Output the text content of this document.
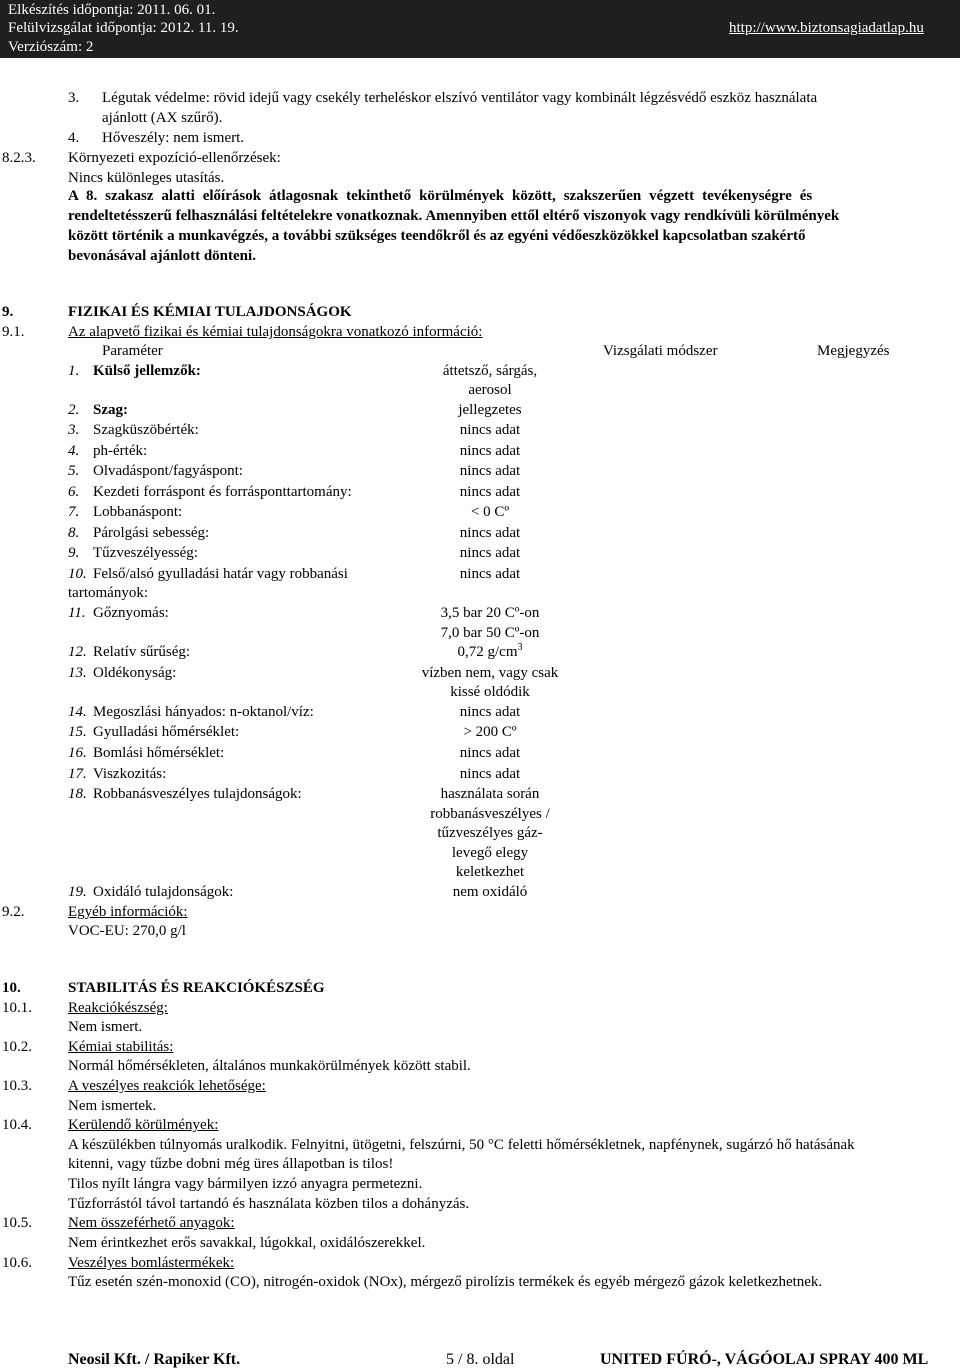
Elkészítés időpontja: 2011. 06. 01.
Felülvizsgálat időpontja: 2012. 11. 19.
Verziószám: 2
http://www.biztonsagiadatlap.hu
3. Légutak védelme: rövid idejű vagy csekély terheléskor elszívó ventilátor vagy kombinált légzésvédő eszköz használata
ajánlott (AX szűrő).
4. Hőveszély: nem ismert.
8.2.3. Környezeti expozíció-ellenőrzések:
Nincs különleges utasítás.
A 8. szakasz alatti előírások átlagosnak tekinthető körülmények között, szakszerűen végzett tevékenységre és
rendeltetésszerű felhasználási feltételekre vonatkoznak. Amennyiben ettől eltérő viszonyok vagy rendkívüli körülmények
között történik a munkavégzés, a további szükséges teendőkről és az egyéni védőeszközökkel kapcsolatban szakértő
bevonásával ajánlott dönteni.
9.	FIZIKAI ÉS KÉMIAI TULAJDONSÁGOK
9.1.	Az alapvető fizikai és kémiai tulajdonságokra vonatkozó információ:
Paraméter	Vizsgálati módszer	Megjegyzés
1. Külső jellemzők:	áttetsző, sárgás,
aerosol
2. Szag:	jellegzetes
3. Szagküszöbérték:	nincs adat
4. ph-érték:	nincs adat
5. Olvadáspont/fagyáspont:	nincs adat
6. Kezdeti forráspont és forrásponttartomány:	nincs adat
7. Lobbanáspont:	< 0 Cº
8. Párolgási sebesség:	nincs adat
9. Tűzveszélyesség:	nincs adat
10. Felső/alsó gyulladási határ vagy robbanási	nincs adat
tartományok:
11. Gőznyomás:	3,5 bar 20 Cº-on
7,0 bar 50 Cº-on
12. Relatív sűrűség:	0,72 $g/cm^3$
13. Oldékonyság:	vízben nem, vagy csak
kissé oldódik
14. Megoszlási hányados: n-oktanol/víz:	nincs adat
15. Gyulladási hőmérséklet:	> 200 Cº
16. Bomlási hőmérséklet:	nincs adat
17. Viszkozitás:	nincs adat
18. Robbanásveszélyes tulajdonságok:	használata során
robbanásveszélyes /
tűzveszélyes gáz-
levegő elegy
keletkezhet
19. Oxidáló tulajdonságok:	nem oxidáló
9.2.	Egyéb információk:
VOC-EU: 270,0 g/l
10.	STABILITÁS ÉS REAKCIÓKÉSZSÉG
10.1. Reakciókészség:
Nem ismert.
10.2. Kémiai stabilitás:
Normál hőmérsékleten, általános munkakörülmények között stabil.
10.3. A veszélyes reakciók lehetősége:
Nem ismertek.
10.4. Kerülendő körülmények:
A készülékben túlnyomás uralkodik. Felnyitni, ütögetni, felszúrni, 50 °C feletti hőmérsékletnek, napfénynek, sugárzó hő hatásának
kitenni, vagy tűzbe dobni még üres állapotban is tilos!
Tilos nyílt lángra vagy bármilyen izzó anyagra permetezni.
Tűzforrástól távol tartandó és használata közben tilos a dohányzás.
10.5. Nem összeférhető anyagok:
Nem érintkezhet erős savakkal, lúgokkal, oxidálószerekkel.
10.6. Veszélyes bomlástermékek:
Tűz esetén szén-monoxid (CO), nitrogén-oxidok (NOx), mérgező pirolízis termékek és egyéb mérgező gázok keletkezhetnek.
Neosil Kft. / Rapiker Kft.	5 / 8. oldal	UNITED FÚRÓ-, VÁGÓOLAJ SPRAY 400 ML
